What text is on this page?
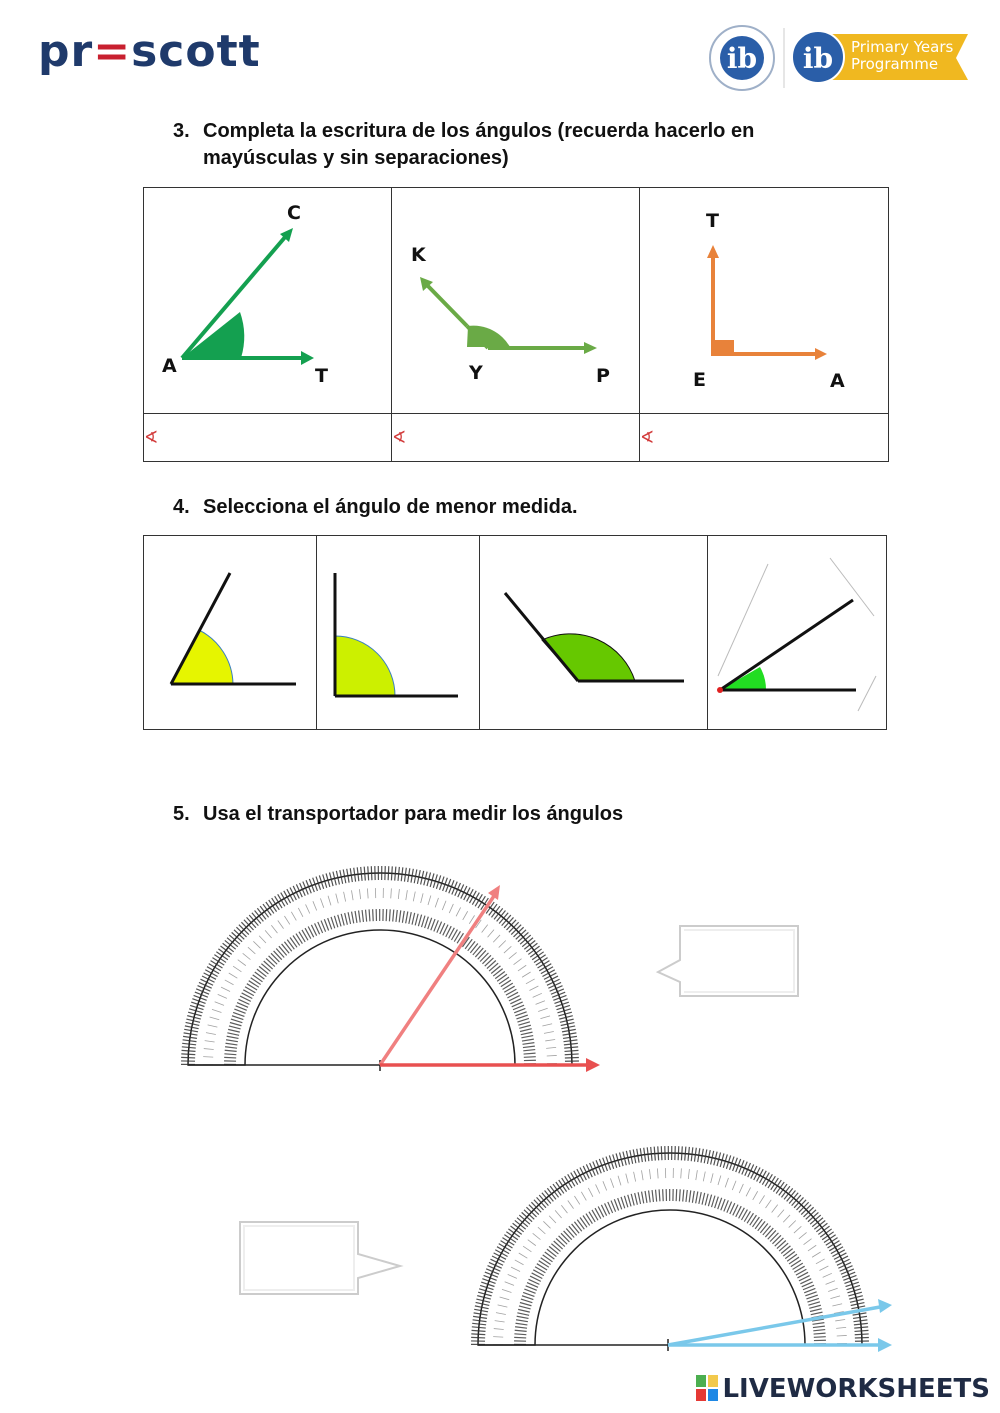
pr=scott	ib ib Primary Years
Programme
3. Completa la escritura de los ángulos (recuerda hacerlo en
mayúsculas y sin separaciones)

∢	∢	∢
C
A	T
K
Y	P
T
E	A
4. Selecciona el ángulo de menor medida.

5. Usa el transportador para medir los ángulos
LIVEWORKSHEETS
